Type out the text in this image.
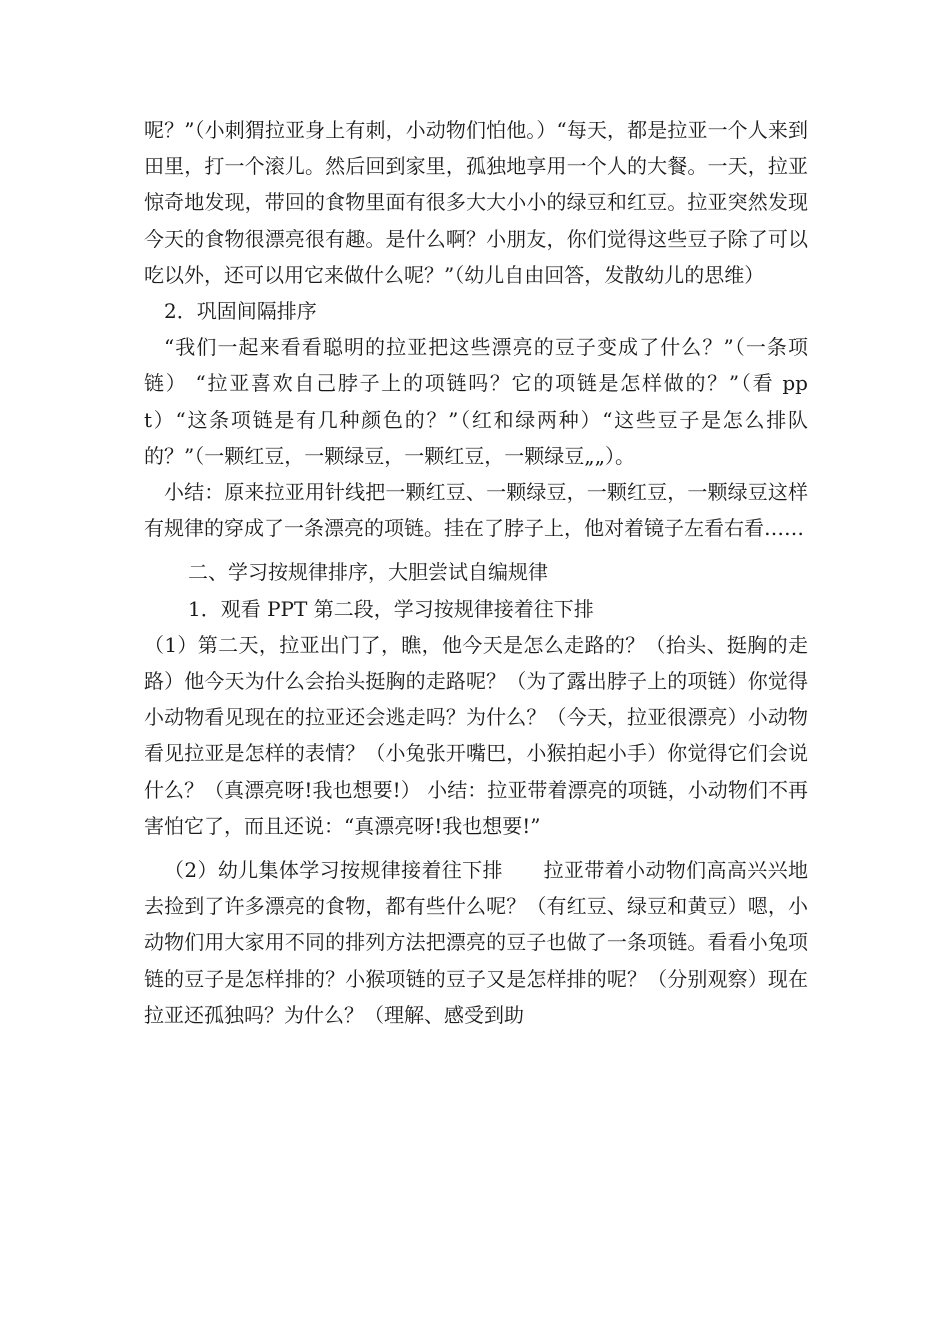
呢？”（小刺猬拉亚身上有刺，小动物们怕他。）“每天，都是拉亚一个人来到田里，打一个滚儿。然后回到家里，孤独地享用一个人的大餐。一天，拉亚惊奇地发现，带回的食物里面有很多大大小小的绿豆和红豆。拉亚突然发现今天的食物很漂亮很有趣。是什么啊？小朋友，你们觉得这些豆子除了可以吃以外，还可以用它来做什么呢？”（幼儿自由回答，发散幼儿的思维）

2．巩固间隔排序

“我们一起来看看聪明的拉亚把这些漂亮的豆子变成了什么？”（一条项链） “拉亚喜欢自己脖子上的项链吗？它的项链是怎样做的？”（看 ppt）“这条项链是有几种颜色的？”（红和绿两种）“这些豆子是怎么排队的？”（一颗红豆，一颗绿豆，一颗红豆，一颗绿豆„„）。

小结：原来拉亚用针线把一颗红豆、一颗绿豆，一颗红豆，一颗绿豆这样有规律的穿成了一条漂亮的项链。挂在了脖子上，他对着镜子左看右看……

二、学习按规律排序，大胆尝试自编规律

1．观看 PPT 第二段，学习按规律接着往下排

（1）第二天，拉亚出门了，瞧，他今天是怎么走路的？（抬头、挺胸的走路）他今天为什么会抬头挺胸的走路呢？（为了露出脖子上的项链）你觉得小动物看见现在的拉亚还会逃走吗？为什么？（今天，拉亚很漂亮）小动物看见拉亚是怎样的表情？（小兔张开嘴巴，小猴拍起小手）你觉得它们会说什么？（真漂亮呀!我也想要!） 小结：拉亚带着漂亮的项链，小动物们不再害怕它了，而且还说：“真漂亮呀!我也想要!”

（2）幼儿集体学习按规律接着往下排　　拉亚带着小动物们高高兴兴地去捡到了许多漂亮的食物，都有些什么呢？（有红豆、绿豆和黄豆）嗯，小动物们用大家用不同的排列方法把漂亮的豆子也做了一条项链。看看小兔项链的豆子是怎样排的？小猴项链的豆子又是怎样排的呢？（分别观察）现在拉亚还孤独吗？为什么？（理解、感受到助
